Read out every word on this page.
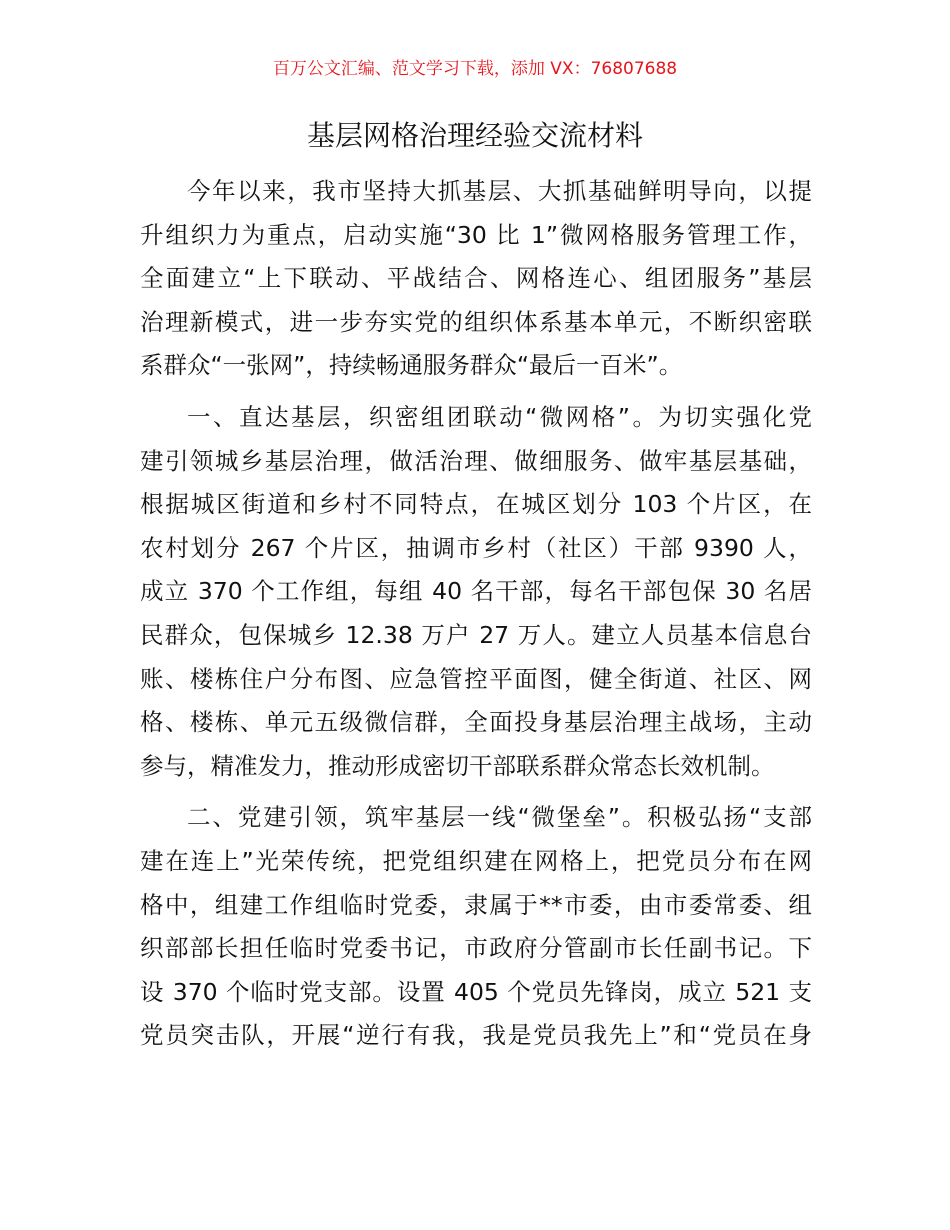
百万公文汇编、范文学习下载，添加 VX：76807688
基层网格治理经验交流材料
今年以来，我市坚持大抓基层、大抓基础鲜明导向，以提
升组织力为重点，启动实施“30 比 1”微网格服务管理工作，
全面建立“上下联动、平战结合、网格连心、组团服务”基层
治理新模式，进一步夯实党的组织体系基本单元，不断织密联
系群众“一张网”，持续畅通服务群众“最后一百米”。
一、直达基层，织密组团联动“微网格”。为切实强化党
建引领城乡基层治理，做活治理、做细服务、做牢基层基础，
根据城区街道和乡村不同特点，在城区划分 103 个片区，在
农村划分 267 个片区，抽调市乡村（社区）干部 9390 人，
成立 370 个工作组，每组 40 名干部，每名干部包保 30 名居
民群众，包保城乡 12.38 万户 27 万人。建立人员基本信息台
账、楼栋住户分布图、应急管控平面图，健全街道、社区、网
格、楼栋、单元五级微信群，全面投身基层治理主战场，主动
参与，精准发力，推动形成密切干部联系群众常态长效机制。
二、党建引领，筑牢基层一线“微堡垒”。积极弘扬“支部
建在连上”光荣传统，把党组织建在网格上，把党员分布在网
格中，组建工作组临时党委，隶属于**市委，由市委常委、组
织部部长担任临时党委书记，市政府分管副市长任副书记。下
设 370 个临时党支部。设置 405 个党员先锋岗，成立 521 支
党员突击队，开展“逆行有我，我是党员我先上”和“党员在身
